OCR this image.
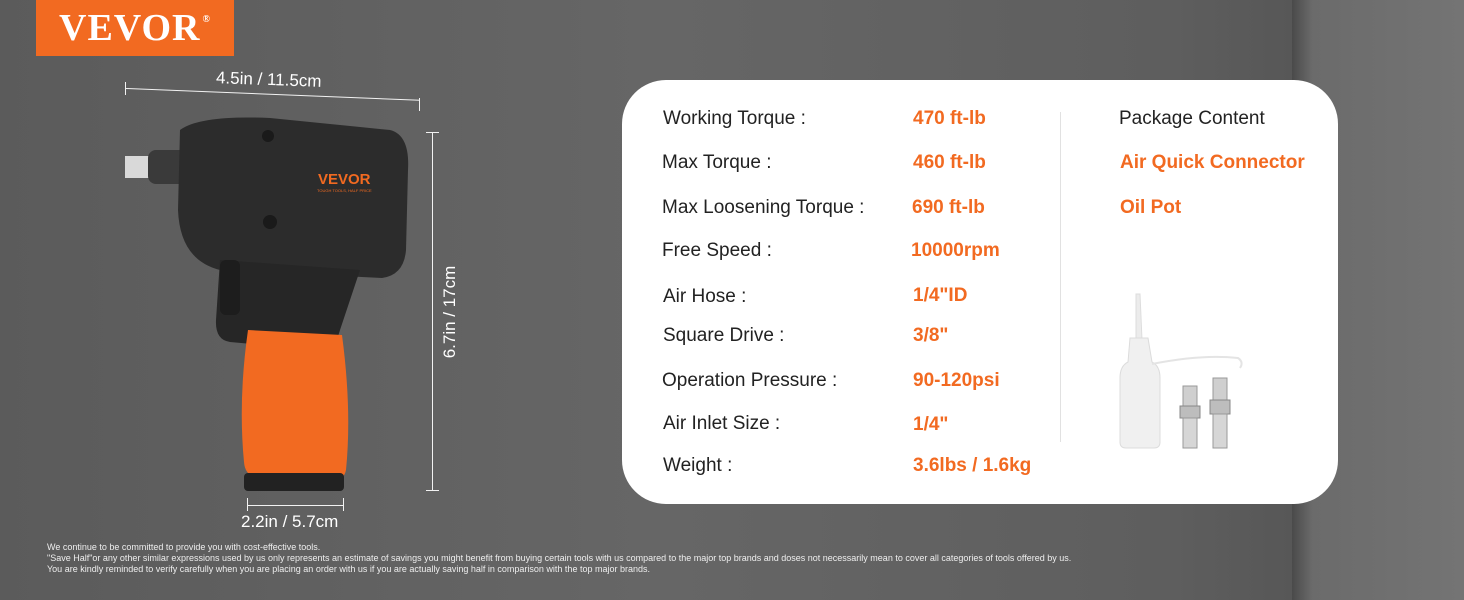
VEVOR®
4.5in / 11.5cm
6.7in / 17cm
2.2in / 5.7cm
VEVOR
TOUGH TOOLS, HALF PRICE
Working Torque :	470 ft-lb
Max Torque :	460 ft-lb
Max Loosening Torque :	690 ft-lb
Free Speed :	10000rpm
Air Hose :	1/4"ID
Square Drive :	3/8"
Operation Pressure :	90-120psi
Air Inlet Size :	1/4"
Weight :	3.6lbs / 1.6kg
Package Content
Air Quick Connector
Oil Pot
We continue to be committed to provide you with cost-effective tools.
"Save Half"or any other similar expressions used by us only represents an estimate of savings you might benefit from buying certain tools with us compared to the major top brands and doses not necessarily mean to cover all categories of tools offered by us.
You are kindly reminded to verify carefully when you are placing an order with us if you are actually saving half in comparison with the top major brands.
